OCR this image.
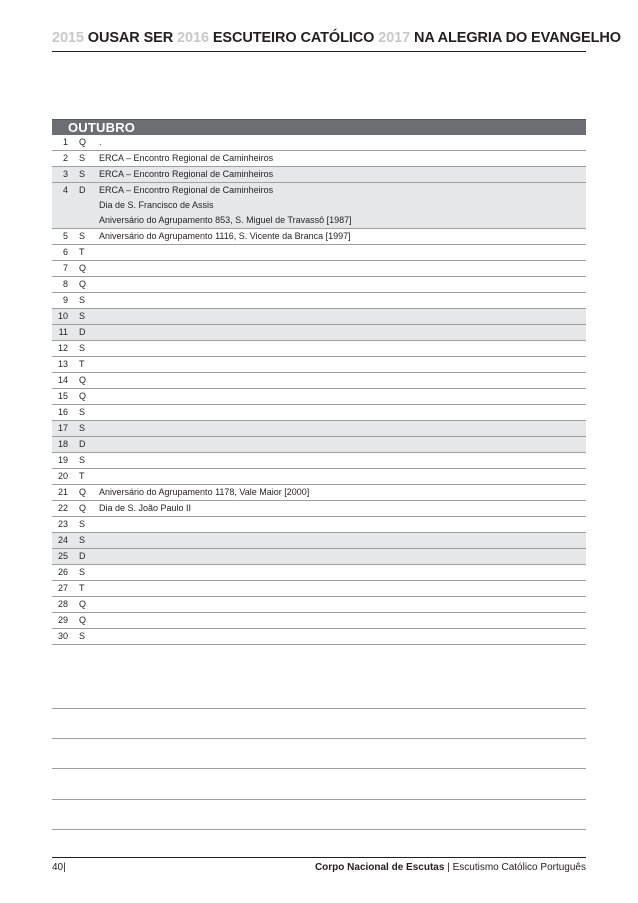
2015 OUSAR SER 2016 ESCUTEIRO CATÓLICO 2017 NA ALEGRIA DO EVANGELHO
OUTUBRO
1 Q .
2 S ERCA – Encontro Regional de Caminheiros
3 S ERCA – Encontro Regional de Caminheiros
4 D ERCA – Encontro Regional de Caminheiros
Dia de S. Francisco de Assis
Aniversário do Agrupamento 853, S. Miguel de Travassô [1987]
5 S Aniversário do Agrupamento 1116, S. Vicente da Branca [1997]
6 T
7 Q
8 Q
9 S
10 S
11 D
12 S
13 T
14 Q
15 Q
16 S
17 S
18 D
19 S
20 T
21 Q Aniversário do Agrupamento 1178, Vale Maior [2000]
22 Q Dia de S. João Paulo II
23 S
24 S
25 D
26 S
27 T
28 Q
29 Q
30 S
40|	Corpo Nacional de Escutas | Escutismo Católico Português
